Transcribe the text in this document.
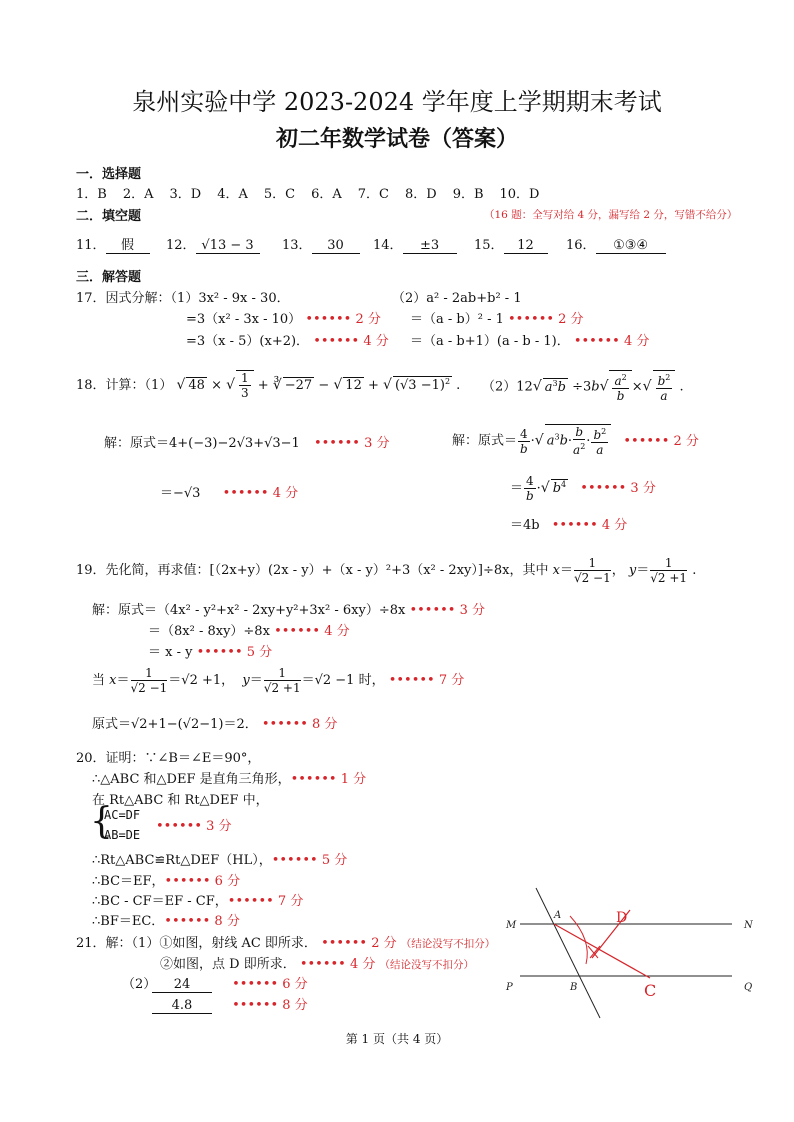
泉州实验中学 2023-2024 学年度上学期期末考试
初二年数学试卷（答案）
一．选择题
1．B 2．A 3．D 4．A 5．C 6．A 7．C 8．D 9．B 10．D
二．填空题	（16 题：全写对给 4 分，漏写给 2 分，写错不给分）
11． 假	12． √13 − 3	13． 30	14． ±3	15． 12	16． ①③④
三．解答题
17．因式分解：（1）3x² - 9x - 30．
=3（x² - 3x - 10） •••••• 2 分
=3（x - 5）(x+2)． •••••• 4 分
（2）a² - 2ab+b² - 1
＝（a - b）² - 1 •••••• 2 分
＝（a - b+1）(a - b - 1)． •••••• 4 分
18．计算：（1） √ 48 × √ $\frac{1}{3}$ + ∛ −27 − √ 12 + √ $(√3 -1)^2$ . （2）12√ $a^3b \div 3b√ \frac{a^2}{b}$ ×√ $\frac{b^2}{a}$ .
解：原式＝4+(−3)−2√3+√3−1 •••••• 3 分
＝−√3 •••••• 4 分
解：原式＝ $\frac{4}{b}$ ·√ $a^3b\cdot \frac{b}{a^2} \cdot \frac{b^2}{a}$ •••••• 2 分
＝ $\frac{4}{b}$ ·√ $b^4$ •••••• 3 分
＝4b •••••• 4 分
19．先化简，再求值：[（2x+y）(2x - y）+（x - y）²+3（x² - 2xy）]÷8x，其中 $x= \frac{1}{√2 -1}$ ， $y= \frac{1}{√2 +1}$ .
解：原式＝（4x² - y²+x² - 2xy+y²+3x² - 6xy）÷8x •••••• 3 分
＝（8x² - 8xy）÷8x •••••• 4 分
＝ x - y •••••• 5 分
当 $x= \frac{1}{√2 -1} =√2 +1$，  $y= \frac{1}{√2 +1} =√2 -1$ 时， •••••• 7 分
原式＝√2+1−(√2−1)＝2． •••••• 8 分
20．证明：∵∠B＝∠E＝90°，
∴△ABC 和△DEF 是直角三角形，•••••• 1 分
在 Rt△ABC 和 Rt△DEF 中，
{
AC=DF
AB=DE
•••••• 3 分
∴Rt△ABC≌Rt△DEF（HL），•••••• 5 分
∴BC＝EF，•••••• 6 分
∴BC - CF＝EF - CF，•••••• 7 分
∴BF＝EC．•••••• 8 分
21．解：（1）①如图，射线 AC 即所求． •••••• 2 分 （结论没写不扣分）
②如图，点 D 即所求． •••••• 4 分 （结论没写不扣分）
（2）	24	•••••• 6 分
4.8	•••••• 8 分
M
A
N
D
P	B	C	Q
第 1 页（共 4 页）
